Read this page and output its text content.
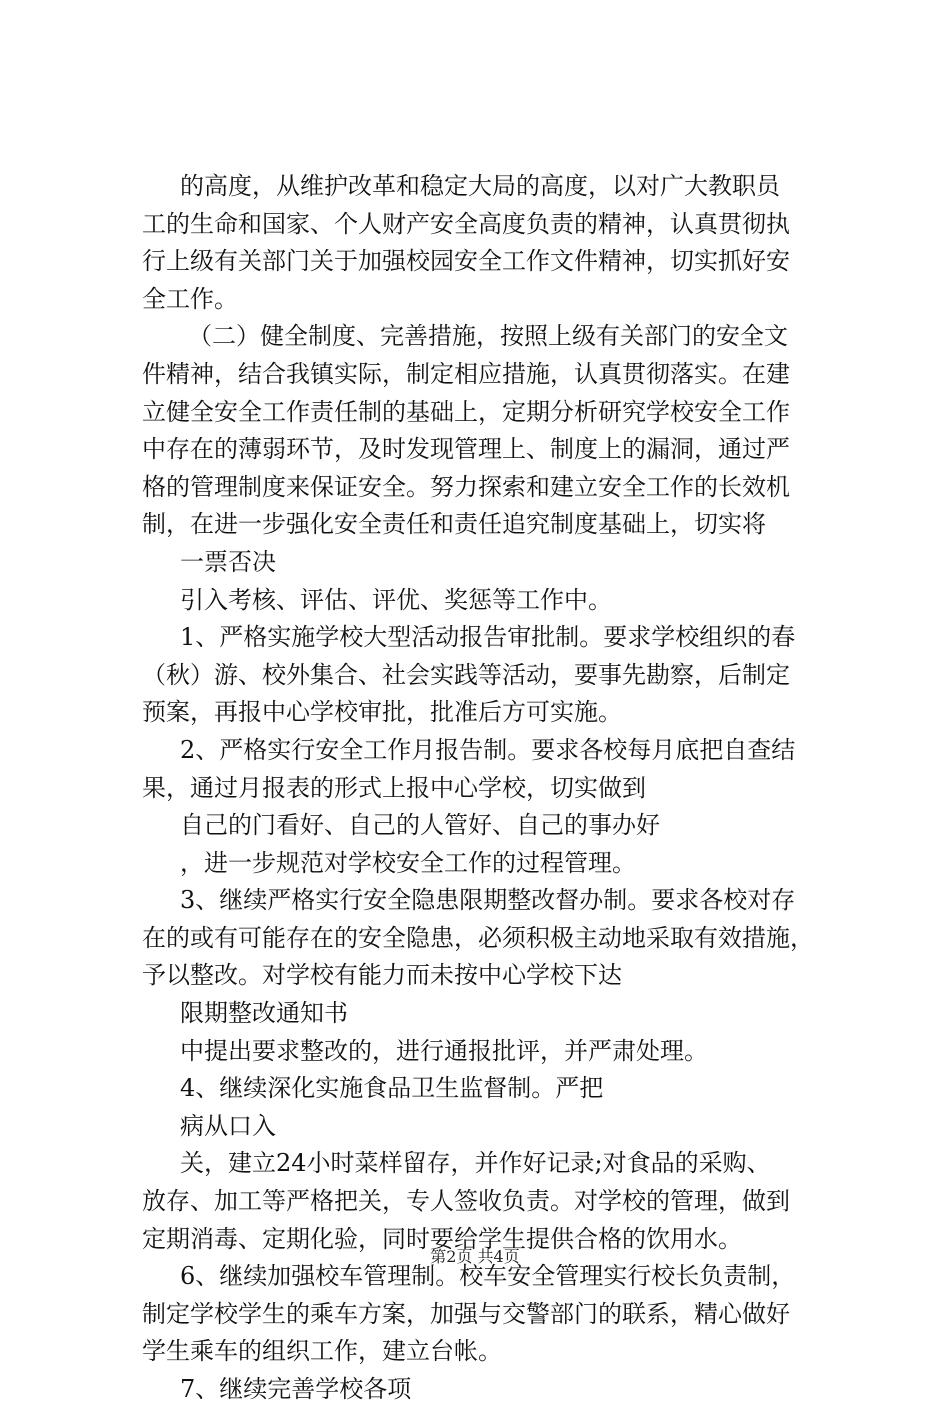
的高度，从维护改革和稳定大局的高度，以对广大教职员
工的生命和国家、个人财产安全高度负责的精神，认真贯彻执
行上级有关部门关于加强校园安全工作文件精神，切实抓好安
全工作。
（二）健全制度、完善措施，按照上级有关部门的安全文
件精神，结合我镇实际，制定相应措施，认真贯彻落实。在建
立健全安全工作责任制的基础上，定期分析研究学校安全工作
中存在的薄弱环节，及时发现管理上、制度上的漏洞，通过严
格的管理制度来保证安全。努力探索和建立安全工作的长效机
制，在进一步强化安全责任和责任追究制度基础上，切实将
一票否决
引入考核、评估、评优、奖惩等工作中。
1、严格实施学校大型活动报告审批制。要求学校组织的春
（秋）游、校外集合、社会实践等活动，要事先勘察，后制定
预案，再报中心学校审批，批准后方可实施。
2、严格实行安全工作月报告制。要求各校每月底把自查结
果，通过月报表的形式上报中心学校，切实做到
自己的门看好、自己的人管好、自己的事办好
，进一步规范对学校安全工作的过程管理。
3、继续严格实行安全隐患限期整改督办制。要求各校对存
在的或有可能存在的安全隐患，必须积极主动地采取有效措施，
予以整改。对学校有能力而未按中心学校下达
限期整改通知书
中提出要求整改的，进行通报批评，并严肃处理。
4、继续深化实施食品卫生监督制。严把
病从口入
关，建立24小时菜样留存，并作好记录;对食品的采购、
放存、加工等严格把关，专人签收负责。对学校的管理，做到
定期消毒、定期化验，同时要给学生提供合格的饮用水。
6、继续加强校车管理制。校车安全管理实行校长负责制，
制定学校学生的乘车方案，加强与交警部门的联系，精心做好
学生乘车的组织工作，建立台帐。
7、继续完善学校各项
第2页 共4页
